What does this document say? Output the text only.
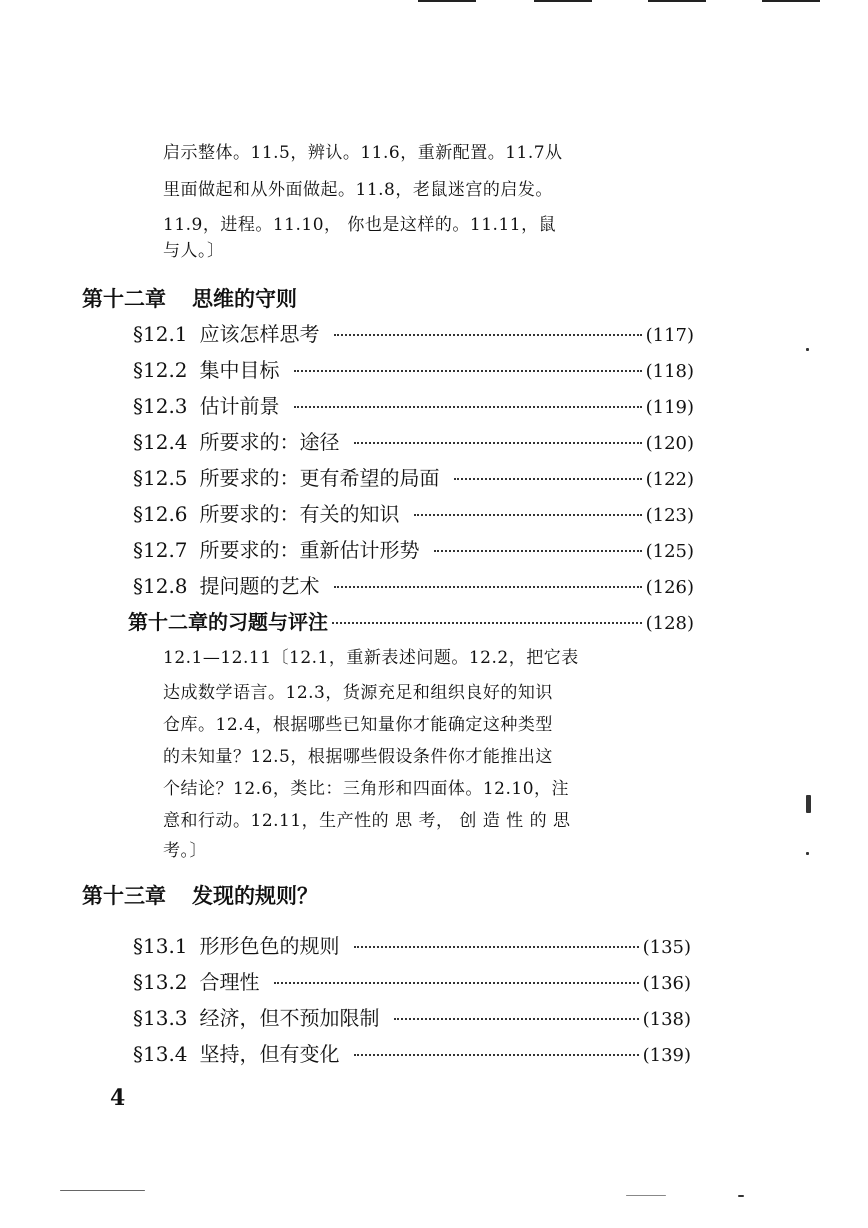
启示整体。11.5，辨认。11.6，重新配置。11.7从
里面做起和从外面做起。11.8，老鼠迷宫的启发。
11.9，进程。11.10， 你也是这样的。11.11，鼠
与人。〕
第十二章 思维的守则
§12.1 应该怎样思考	(117)
§12.2 集中目标	(118)
§12.3 估计前景	(119)
§12.4 所要求的：途径	(120)
§12.5 所要求的：更有希望的局面	(122)
§12.6 所要求的：有关的知识	(123)
§12.7 所要求的：重新估计形势	(125)
§12.8 提问题的艺术	(126)
第十二章的习题与评注	(128)
12.1—12.11〔12.1，重新表述问题。12.2，把它表
达成数学语言。12.3，货源充足和组织良好的知识
仓库。12.4，根据哪些已知量你才能确定这种类型
的未知量？12.5，根据哪些假设条件你才能推出这
个结论？12.6，类比：三角形和四面体。12.10，注
意和行动。12.11，生产性的 思 考， 创 造 性 的 思
考。〕
第十三章 发现的规则？
§13.1 形形色色的规则	(135)
§13.2 合理性	(136)
§13.3 经济，但不预加限制	(138)
§13.4 坚持，但有变化	(139)
4
